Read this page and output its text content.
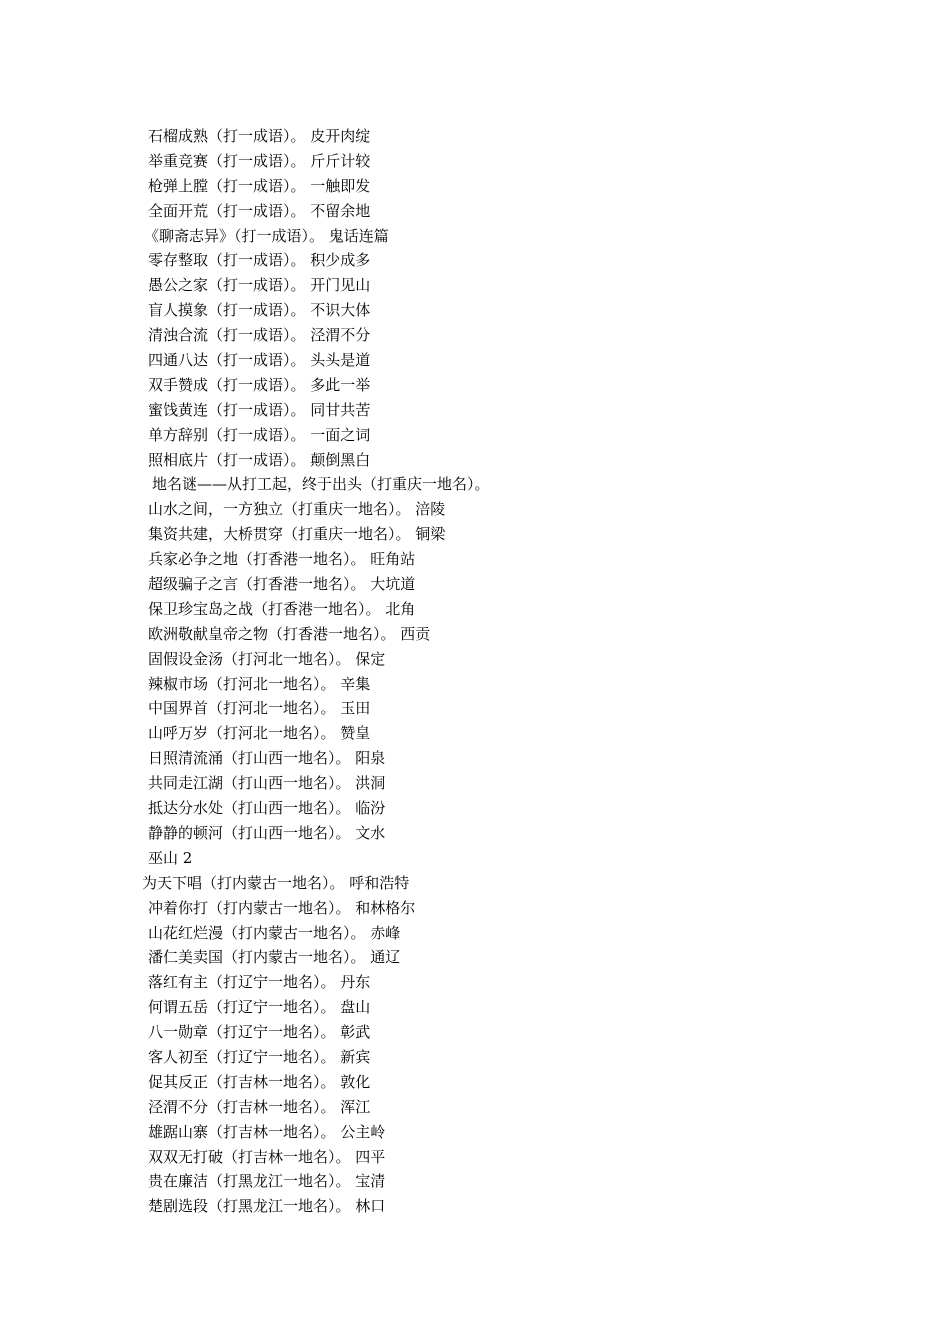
石榴成熟（打一成语）。 皮开肉绽
举重竞赛（打一成语）。 斤斤计较
枪弹上膛（打一成语）。 一触即发
全面开荒（打一成语）。 不留余地
《聊斋志异》（打一成语）。 鬼话连篇
零存整取（打一成语）。 积少成多
愚公之家（打一成语）。 开门见山
盲人摸象（打一成语）。 不识大体
清浊合流（打一成语）。 泾渭不分
四通八达（打一成语）。 头头是道
双手赞成（打一成语）。 多此一举
蜜饯黄连（打一成语）。 同甘共苦
单方辞别（打一成语）。 一面之词
照相底片（打一成语）。 颠倒黑白
地名谜——从打工起，终于出头（打重庆一地名）。
山水之间，一方独立（打重庆一地名）。 涪陵
集资共建，大桥贯穿（打重庆一地名）。 铜梁
兵家必争之地（打香港一地名）。 旺角站
超级骗子之言（打香港一地名）。 大坑道
保卫珍宝岛之战（打香港一地名）。 北角
欧洲敬献皇帝之物（打香港一地名）。 西贡
固假设金汤（打河北一地名）。 保定
辣椒市场（打河北一地名）。 辛集
中国界首（打河北一地名）。 玉田
山呼万岁（打河北一地名）。 赞皇
日照清流涌（打山西一地名）。 阳泉
共同走江湖（打山西一地名）。 洪洞
抵达分水处（打山西一地名）。 临汾
静静的顿河（打山西一地名）。 文水
巫山 2
为天下唱（打内蒙古一地名）。 呼和浩特
冲着你打（打内蒙古一地名）。 和林格尔
山花红烂漫（打内蒙古一地名）。 赤峰
潘仁美卖国（打内蒙古一地名）。 通辽
落红有主（打辽宁一地名）。 丹东
何谓五岳（打辽宁一地名）。 盘山
八一勋章（打辽宁一地名）。 彰武
客人初至（打辽宁一地名）。 新宾
促其反正（打吉林一地名）。 敦化
泾渭不分（打吉林一地名）。 浑江
雄踞山寨（打吉林一地名）。 公主岭
双双无打破（打吉林一地名）。 四平
贵在廉洁（打黑龙江一地名）。 宝清
楚剧选段（打黑龙江一地名）。 林口
